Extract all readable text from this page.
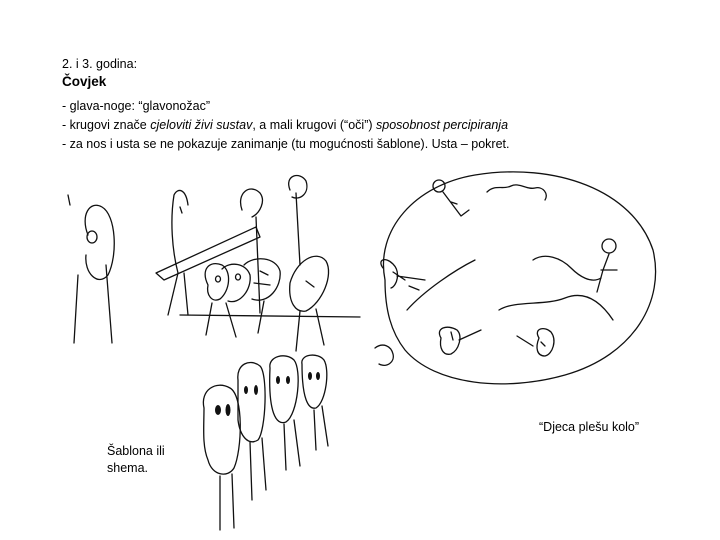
2. i 3. godina:
Čovjek
- glava-noge: “glavonožac”
- krugovi znače cjeloviti živi sustav, a mali krugovi (“oči”) sposobnost percipiranja
- za nos i usta se ne pokazuje zanimanje (tu mogućnosti šablone). Usta – pokret.
“Djeca plešu kolo”
Šablona ili
shema.
